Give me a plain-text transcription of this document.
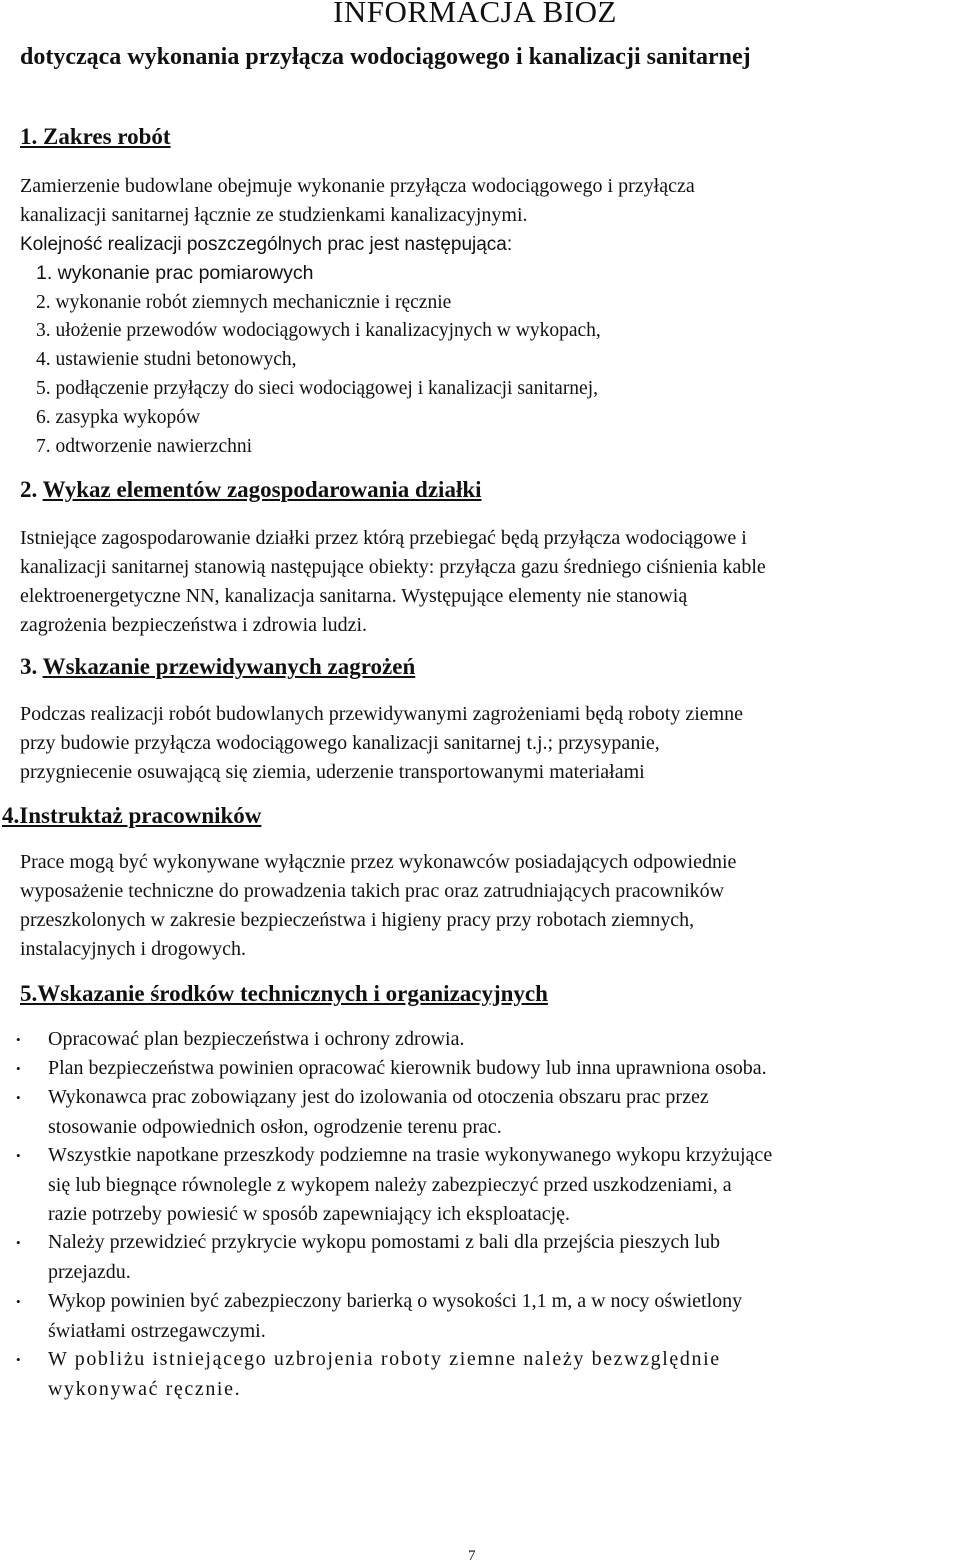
INFORMACJA BIOZ
dotycząca wykonania przyłącza wodociągowego i kanalizacji sanitarnej
1. Zakres robót
Zamierzenie budowlane obejmuje wykonanie przyłącza wodociągowego i przyłącza
kanalizacji sanitarnej łącznie ze studzienkami kanalizacyjnymi.
Kolejność realizacji poszczególnych prac jest następująca:
1. wykonanie prac pomiarowych
2. wykonanie robót ziemnych mechanicznie i ręcznie
3. ułożenie przewodów wodociągowych i kanalizacyjnych w wykopach,
4. ustawienie studni betonowych,
5. podłączenie przyłączy do sieci wodociągowej i kanalizacji sanitarnej,
6. zasypka wykopów
7. odtworzenie nawierzchni
2. Wykaz elementów zagospodarowania działki
Istniejące zagospodarowanie działki przez którą przebiegać będą przyłącza wodociągowe i
kanalizacji sanitarnej stanowią następujące obiekty: przyłącza gazu średniego ciśnienia kable
elektroenergetyczne NN, kanalizacja sanitarna. Występujące elementy nie stanowią
zagrożenia bezpieczeństwa i zdrowia ludzi.
3. Wskazanie przewidywanych zagrożeń
Podczas realizacji robót budowlanych przewidywanymi zagrożeniami będą roboty ziemne
przy budowie przyłącza wodociągowego kanalizacji sanitarnej t.j.; przysypanie,
przygniecenie osuwającą się ziemia, uderzenie transportowanymi materiałami
4.Instruktaż pracowników
Prace mogą być wykonywane wyłącznie przez wykonawców posiadających odpowiednie
wyposażenie techniczne do prowadzenia takich prac oraz zatrudniających pracowników
przeszkolonych w zakresie bezpieczeństwa i higieny pracy przy robotach ziemnych,
instalacyjnych i drogowych.
5.Wskazanie środków technicznych i organizacyjnych
•	Opracować plan bezpieczeństwa i ochrony zdrowia.
•	Plan bezpieczeństwa powinien opracować kierownik budowy lub inna uprawniona osoba.
•	Wykonawca prac zobowiązany jest do izolowania od otoczenia obszaru prac przez
stosowanie odpowiednich osłon, ogrodzenie terenu prac.
•	Wszystkie napotkane przeszkody podziemne na trasie wykonywanego wykopu krzyżujące
się lub biegnące równolegle z wykopem należy zabezpieczyć przed uszkodzeniami, a
razie potrzeby powiesić w sposób zapewniający ich eksploatację.
•	Należy przewidzieć przykrycie wykopu pomostami z bali dla przejścia pieszych lub
przejazdu.
•	Wykop powinien być zabezpieczony barierką o wysokości 1,1 m, a w nocy oświetlony
światłami ostrzegawczymi.
•	W pobliżu istniejącego uzbrojenia roboty ziemne należy bezwzględnie
wykonywać ręcznie.
7
